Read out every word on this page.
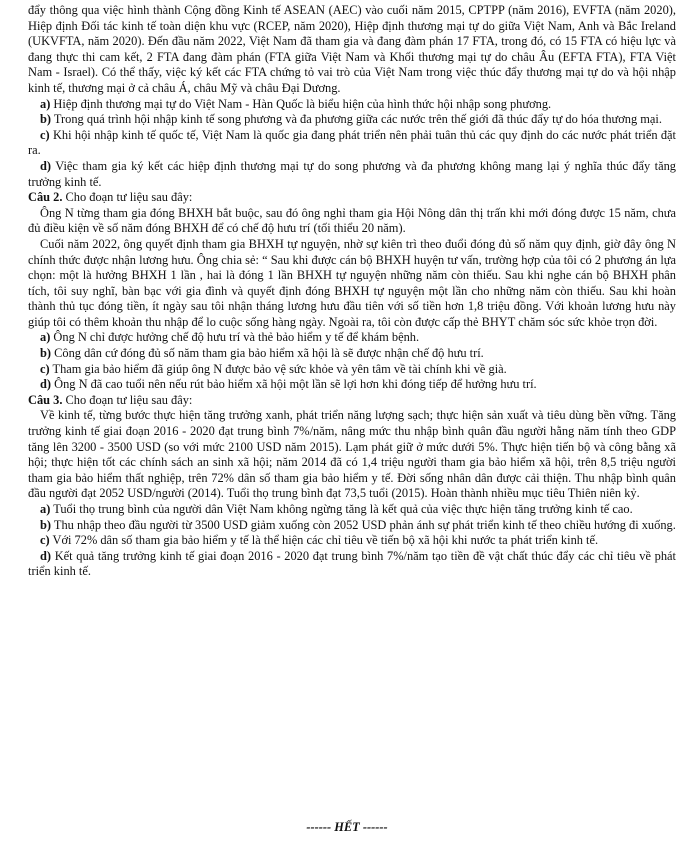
đẩy thông qua việc hình thành Cộng đồng Kinh tế ASEAN (AEC) vào cuối năm 2015, CPTPP (năm 2016), EVFTA (năm 2020), Hiệp định Đối tác kinh tế toàn diện khu vực (RCEP, năm 2020), Hiệp định thương mại tự do giữa Việt Nam, Anh và Bắc Ireland (UKVFTA, năm 2020). Đến đầu năm 2022, Việt Nam đã tham gia và đang đàm phán 17 FTA, trong đó, có 15 FTA có hiệu lực và đang thực thi cam kết, 2 FTA đang đàm phán (FTA giữa Việt Nam và Khối thương mại tự do châu Âu (EFTA FTA), FTA Việt Nam - Israel). Có thể thấy, việc ký kết các FTA chứng tỏ vai trò của Việt Nam trong việc thúc đẩy thương mại tự do và hội nhập kinh tế, thương mại ở cả châu Á, châu Mỹ và châu Đại Dương.

a) Hiệp định thương mại tự do Việt Nam - Hàn Quốc là biểu hiện của hình thức hội nhập song phương.

b) Trong quá trình hội nhập kinh tế song phương và đa phương giữa các nước trên thế giới đã thúc đẩy tự do hóa thương mại.

c) Khi hội nhập kinh tế quốc tế, Việt Nam là quốc gia đang phát triển nên phải tuân thủ các quy định do các nước phát triển đặt ra.

d) Việc tham gia ký kết các hiệp định thương mại tự do song phương và đa phương không mang lại ý nghĩa thúc đẩy tăng trưởng kinh tế.

Câu 2. Cho đoạn tư liệu sau đây:

Ông N từng tham gia đóng BHXH bắt buộc, sau đó ông nghỉ tham gia Hội Nông dân thị trấn khi mới đóng được 15 năm, chưa đủ điều kiện về số năm đóng BHXH để có chế độ hưu trí (tối thiểu 20 năm).

Cuối năm 2022, ông quyết định tham gia BHXH tự nguyện, nhờ sự kiên trì theo đuổi đóng đủ số năm quy định, giờ đây ông N chính thức được nhận lương hưu. Ông chia sẻ: “ Sau khi được cán bộ BHXH huyện tư vấn, trường hợp của tôi có 2 phương án lựa chọn: một là hưởng BHXH 1 lần , hai là đóng 1 lần BHXH tự nguyện những năm còn thiếu. Sau khi nghe cán bộ BHXH phân tích, tôi suy nghĩ, bàn bạc với gia đình và quyết định đóng BHXH tự nguyện một lần cho những năm còn thiếu. Sau khi hoàn thành thủ tục đóng tiền, ít ngày sau tôi nhận tháng lương hưu đầu tiên với số tiền hơn 1,8 triệu đồng. Với khoản lương hưu này giúp tôi có thêm khoản thu nhập để lo cuộc sống hàng ngày. Ngoài ra, tôi còn được cấp thẻ BHYT chăm sóc sức khỏe trọn đời.

a) Ông N chỉ được hưởng chế độ hưu trí và thẻ bảo hiểm y tế để khám bệnh.

b) Công dân cứ đóng đủ số năm tham gia bảo hiểm xã hội là sẽ được nhận chế độ hưu trí.

c) Tham gia bảo hiểm đã giúp ông N được bảo vệ sức khỏe và yên tâm về tài chính khi về già.

d) Ông N đã cao tuổi nên nếu rút bảo hiểm xã hội một lần sẽ lợi hơn khi đóng tiếp để hưởng hưu trí.

Câu 3. Cho đoạn tư liệu sau đây:

Về kinh tế, từng bước thực hiện tăng trưởng xanh, phát triển năng lượng sạch; thực hiện sản xuất và tiêu dùng bền vững. Tăng trưởng kinh tế giai đoạn 2016 - 2020 đạt trung bình 7%/năm, nâng mức thu nhập bình quân đầu người hằng năm tính theo GDP tăng lên 3200 - 3500 USD (so với mức 2100 USD năm 2015). Lạm phát giữ ở mức dưới 5%. Thực hiện tiến bộ và công bằng xã hội; thực hiện tốt các chính sách an sinh xã hội; năm 2014 đã có 1,4 triệu người tham gia bảo hiểm xã hội, trên 8,5 triệu người tham gia bảo hiểm thất nghiệp, trên 72% dân số tham gia bảo hiểm y tế. Đời sống nhân dân được cải thiện. Thu nhập bình quân đầu người đạt 2052 USD/người (2014). Tuổi thọ trung bình đạt 73,5 tuổi (2015). Hoàn thành nhiều mục tiêu Thiên niên kỷ.

a) Tuổi thọ trung bình của người dân Việt Nam không ngừng tăng là kết quả của việc thực hiện tăng trưởng kinh tế cao.

b) Thu nhập theo đầu người từ 3500 USD giảm xuống còn 2052 USD phản ánh sự phát triển kinh tế theo chiều hướng đi xuống.

c) Với 72% dân số tham gia bảo hiểm y tế là thể hiện các chỉ tiêu về tiến bộ xã hội khi nước ta phát triển kinh tế.

d) Kết quả tăng trưởng kinh tế giai đoạn 2016 - 2020 đạt trung bình 7%/năm tạo tiền đề vật chất thúc đẩy các chỉ tiêu về phát triển kinh tế.

------ HẾT ------
